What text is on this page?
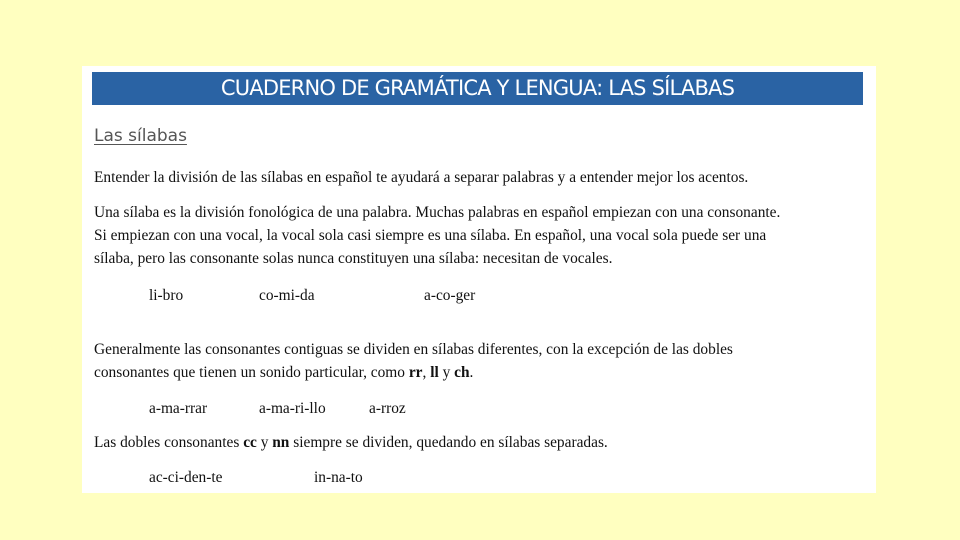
CUADERNO DE GRAMÁTICA Y LENGUA: LAS SÍLABAS
Las sílabas
Entender la división de las sílabas en español te ayudará a separar palabras y a entender mejor los acentos.
Una sílaba es la división fonológica de una palabra. Muchas palabras en español empiezan con una consonante.
Si empiezan con una vocal, la vocal sola casi siempre es una sílaba. En español, una vocal sola puede ser una
sílaba, pero las consonante solas nunca constituyen una sílaba: necesitan de vocales.
li-bro	co-mi-da	a-co-ger
Generalmente las consonantes contiguas se dividen en sílabas diferentes, con la excepción de las dobles
consonantes que tienen un sonido particular, como rr, ll y ch.
a-ma-rrar	a-ma-ri-llo	a-rroz
Las dobles consonantes cc y nn siempre se dividen, quedando en sílabas separadas.
ac-ci-den-te	in-na-to
